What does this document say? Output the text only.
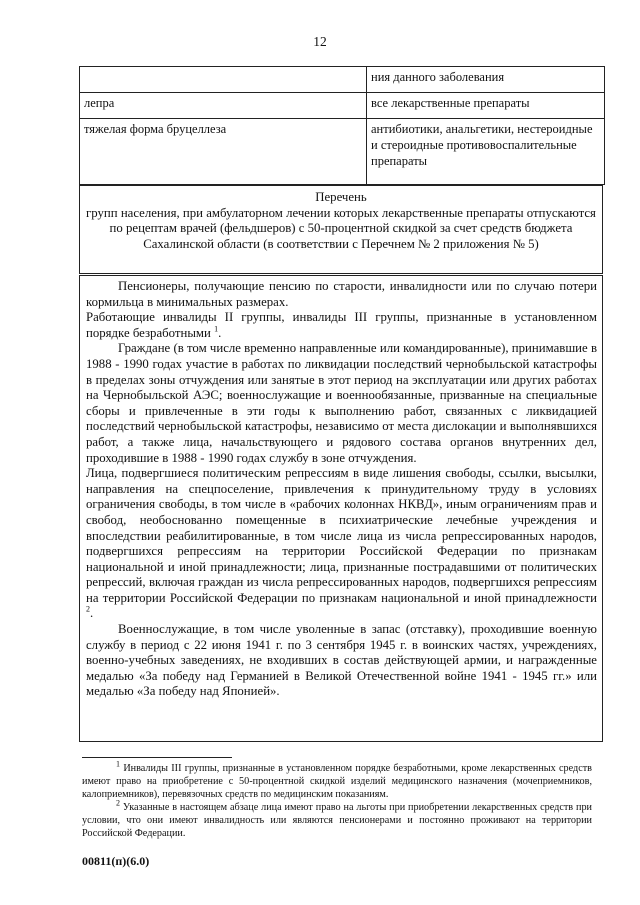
12
	ния данного заболевания
лепра	все лекарственные препараты
тяжелая форма бруцеллеза	антибиотики, анальгетики, нестероидные и стероидные противовоспалительные препараты
Перечень
групп населения, при амбулаторном лечении которых лекарственные препараты отпускаются по рецептам врачей (фельдшеров) с 50-процентной скидкой за счет средств бюджета Сахалинской области (в соответствии с Перечнем № 2 приложения № 5)

Пенсионеры, получающие пенсию по старости, инвалидности или по случаю потери кормильца в минимальных размерах.

Работающие инвалиды II группы, инвалиды III группы, признанные в установленном порядке безработными $^1$.

Граждане (в том числе временно направленные или командированные), принимавшие в 1988 - 1990 годах участие в работах по ликвидации последствий чернобыльской катастрофы в пределах зоны отчуждения или занятые в этот период на эксплуатации или других работах на Чернобыльской АЭС; военнослужащие и военнообязанные, призванные на специальные сборы и привлеченные в эти годы к выполнению работ, связанных с ликвидацией последствий чернобыльской катастрофы, независимо от места дислокации и выполнявшихся работ, а также лица, начальствующего и рядового состава органов внутренних дел, проходившие в 1988 - 1990 годах службу в зоне отчуждения.

Лица, подвергшиеся политическим репрессиям в виде лишения свободы, ссылки, высылки, направления на спецпоселение, привлечения к принудительному труду в условиях ограничения свободы, в том числе в «рабочих колоннах НКВД», иным ограничениям прав и свобод, необоснованно помещенные в психиатрические лечебные учреждения и впоследствии реабилитированные, в том числе лица из числа репрессированных народов, подвергшихся репрессиям на территории Российской Федерации по признакам национальной и иной принадлежности; лица, признанные пострадавшими от политических репрессий, включая граждан из числа репрессированных народов, подвергшихся репрессиям на территории Российской Федерации по признакам национальной и иной принадлежности $^2$.

Военнослужащие, в том числе уволенные в запас (отставку), проходившие военную службу в период с 22 июня 1941 г. по 3 сентября 1945 г. в воинских частях, учреждениях, военно-учебных заведениях, не входивших в состав действующей армии, и награжденные медалью «За победу над Германией в Великой Отечественной войне 1941 - 1945 гг.» или медалью «За победу над Японией».

$^1$ Инвалиды III группы, признанные в установленном порядке безработными, кроме лекарственных средств имеют право на приобретение с 50-процентной скидкой изделий медицинского назначения (мочеприемников, калоприемников), перевязочных средств по медицинским показаниям.

$^2$ Указанные в настоящем абзаце лица имеют право на льготы при приобретении лекарственных средств при условии, что они имеют инвалидность или являются пенсионерами и постоянно проживают на территории Российской Федерации.

00811(п)(6.0)
